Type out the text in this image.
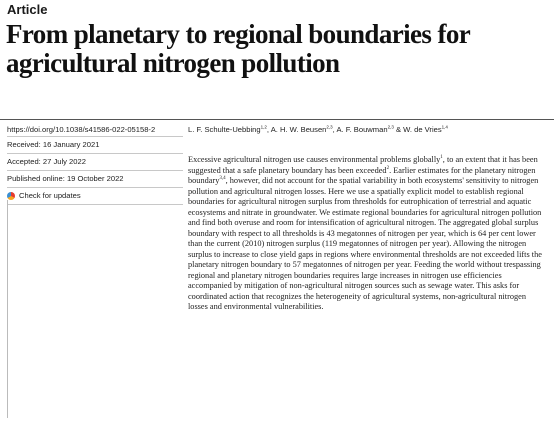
Article
From planetary to regional boundaries for agricultural nitrogen pollution
https://doi.org/10.1038/s41586-022-05158-2
Received: 16 January 2021
Accepted: 27 July 2022
Published online: 19 October 2022
Check for updates
L. F. Schulte-Uebbing$^{1,2}$, A. H. W. Beusen$^{2,3}$, A. F. Bouwman$^{2,3}$ & W. de Vries$^{1,4}$
Excessive agricultural nitrogen use causes environmental problems globally$^1$, to an extent that it has been suggested that a safe planetary boundary has been exceeded$^2$. Earlier estimates for the planetary nitrogen boundary$^{3,4}$, however, did not account for the spatial variability in both ecosystems' sensitivity to nitrogen pollution and agricultural nitrogen losses. Here we use a spatially explicit model to establish regional boundaries for agricultural nitrogen surplus from thresholds for eutrophication of terrestrial and aquatic ecosystems and nitrate in groundwater. We estimate regional boundaries for agricultural nitrogen pollution and find both overuse and room for intensification of agricultural nitrogen. The aggregated global surplus boundary with respect to all thresholds is 43 megatonnes of nitrogen per year, which is 64 per cent lower than the current (2010) nitrogen surplus (119 megatonnes of nitrogen per year). Allowing the nitrogen surplus to increase to close yield gaps in regions where environmental thresholds are not exceeded lifts the planetary nitrogen boundary to 57 megatonnes of nitrogen per year. Feeding the world without trespassing regional and planetary nitrogen boundaries requires large increases in nitrogen use efficiencies accompanied by mitigation of non-agricultural nitrogen sources such as sewage water. This asks for coordinated action that recognizes the heterogeneity of agricultural systems, non-agricultural nitrogen losses and environmental vulnerabilities.
